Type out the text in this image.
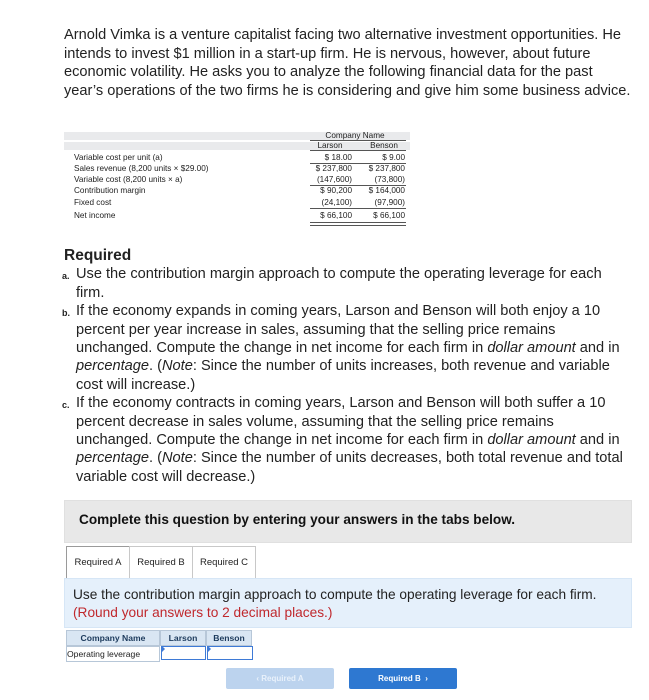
Arnold Vimka is a venture capitalist facing two alternative investment opportunities. He intends to invest $1 million in a start-up firm. He is nervous, however, about future economic volatility. He asks you to analyze the following financial data for the past year’s operations of the two firms he is considering and give him some business advice.

Company Name
Larson	Benson
Variable cost per unit (a)	$ 18.00	$ 9.00
Sales revenue (8,200 units × $29.00)	$ 237,800	$ 237,800
Variable cost (8,200 units × a)	(147,600)	(73,800)
Contribution margin	$ 90,200	$ 164,000
Fixed cost	(24,100)	(97,900)
Net income	$ 66,100	$ 66,100
Required
a. Use the contribution margin approach to compute the operating leverage for each firm.
b. If the economy expands in coming years, Larson and Benson will both enjoy a 10 percent per year increase in sales, assuming that the selling price remains unchanged. Compute the change in net income for each firm in dollar amount and in percentage. (Note: Since the number of units increases, both revenue and variable cost will increase.)
c. If the economy contracts in coming years, Larson and Benson will both suffer a 10 percent decrease in sales volume, assuming that the selling price remains unchanged. Compute the change in net income for each firm in dollar amount and in percentage. (Note: Since the number of units decreases, both total revenue and total variable cost will decrease.)
Complete this question by entering your answers in the tabs below.
Required A	Required B	Required C
Use the contribution margin approach to compute the operating leverage for each firm. (Round your answers to 2 decimal places.)
Company Name	Larson	Benson
Operating leverage
‹ Required A	Required B  ›
